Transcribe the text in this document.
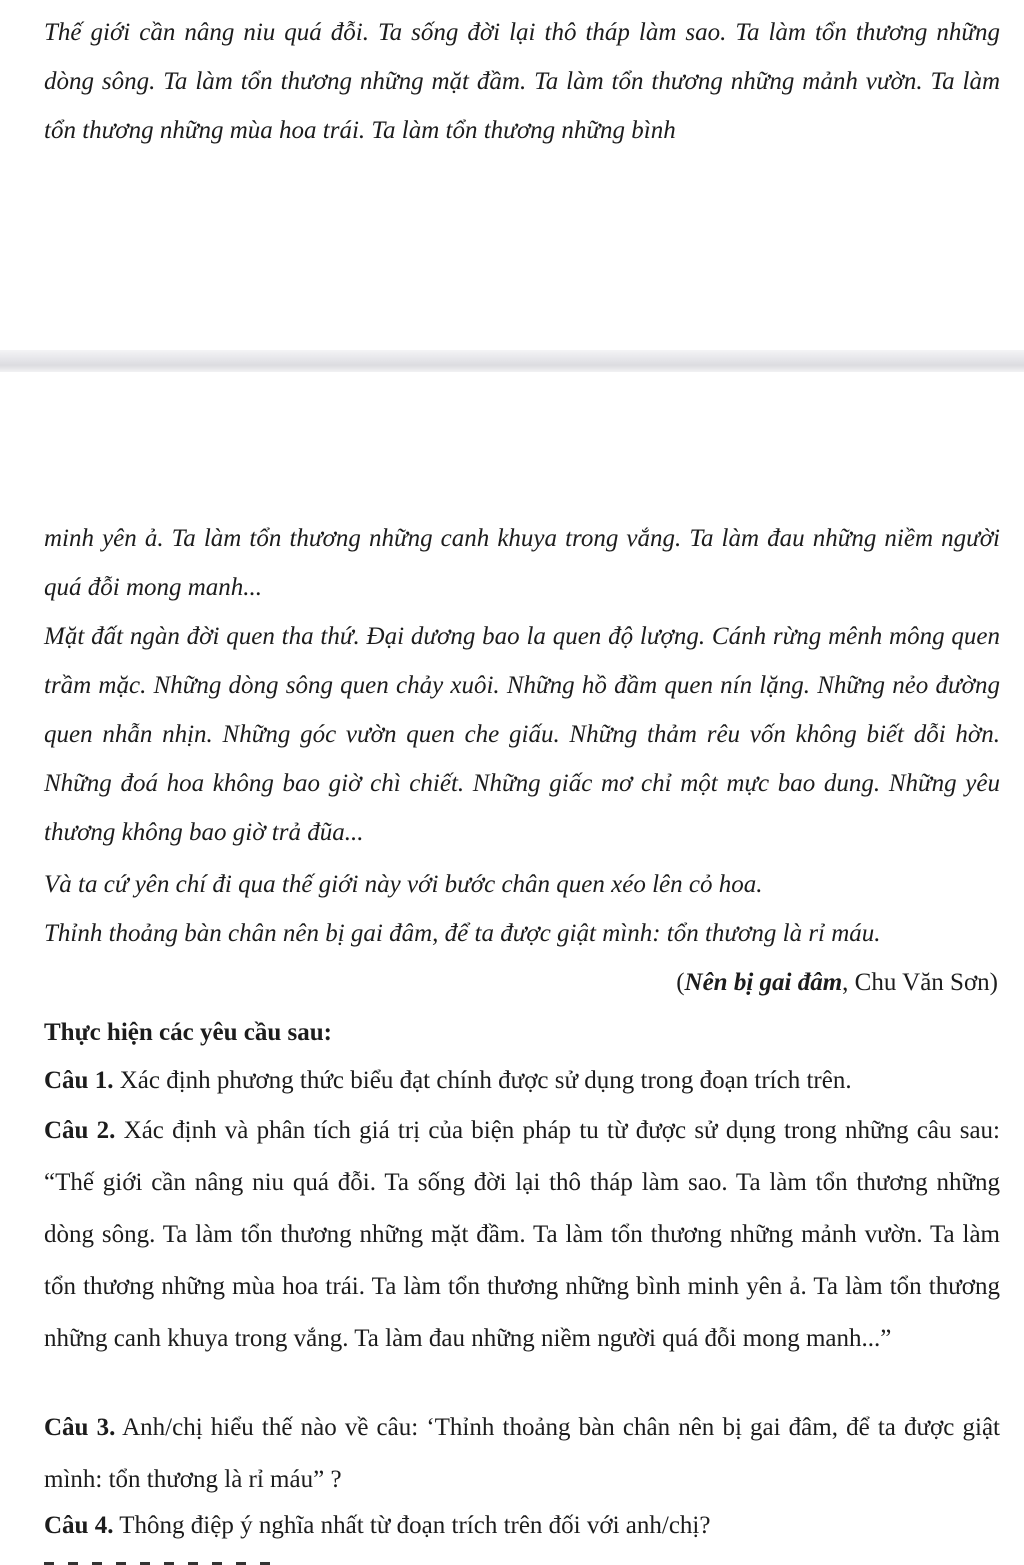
Thế giới cần nâng niu quá đỗi. Ta sống đời lại thô tháp làm sao. Ta làm tổn thương những dòng sông. Ta làm tổn thương những mặt đầm. Ta làm tổn thương những mảnh vườn. Ta làm tổn thương những mùa hoa trái. Ta làm tổn thương những bình

minh yên ả. Ta làm tổn thương những canh khuya trong vắng. Ta làm đau những niềm người quá đỗi mong manh...

Mặt đất ngàn đời quen tha thứ. Đại dương bao la quen độ lượng. Cánh rừng mênh mông quen trầm mặc. Những dòng sông quen chảy xuôi. Những hồ đầm quen nín lặng. Những nẻo đường quen nhẫn nhịn. Những góc vườn quen che giấu. Những thảm rêu vốn không biết dỗi hờn. Những đoá hoa không bao giờ chì chiết. Những giấc mơ chỉ một mực bao dung. Những yêu thương không bao giờ trả đũa...

Và ta cứ yên chí đi qua thế giới này với bước chân quen xéo lên cỏ hoa.

Thỉnh thoảng bàn chân nên bị gai đâm, để ta được giật mình: tổn thương là rỉ máu.

(Nên bị gai đâm, Chu Văn Sơn)
Thực hiện các yêu cầu sau:

Câu 1. Xác định phương thức biểu đạt chính được sử dụng trong đoạn trích trên.

Câu 2. Xác định và phân tích giá trị của biện pháp tu từ được sử dụng trong những câu sau: “Thế giới cần nâng niu quá đỗi. Ta sống đời lại thô tháp làm sao. Ta làm tổn thương những dòng sông. Ta làm tổn thương những mặt đầm. Ta làm tổn thương những mảnh vườn. Ta làm tổn thương những mùa hoa trái. Ta làm tổn thương những bình minh yên ả. Ta làm tổn thương những canh khuya trong vắng. Ta làm đau những niềm người quá đỗi mong manh...”

Câu 3. Anh/chị hiểu thế nào về câu: ‘Thỉnh thoảng bàn chân nên bị gai đâm, để ta được giật mình: tổn thương là rỉ máu” ?

Câu 4. Thông điệp ý nghĩa nhất từ đoạn trích trên đối với anh/chị?
